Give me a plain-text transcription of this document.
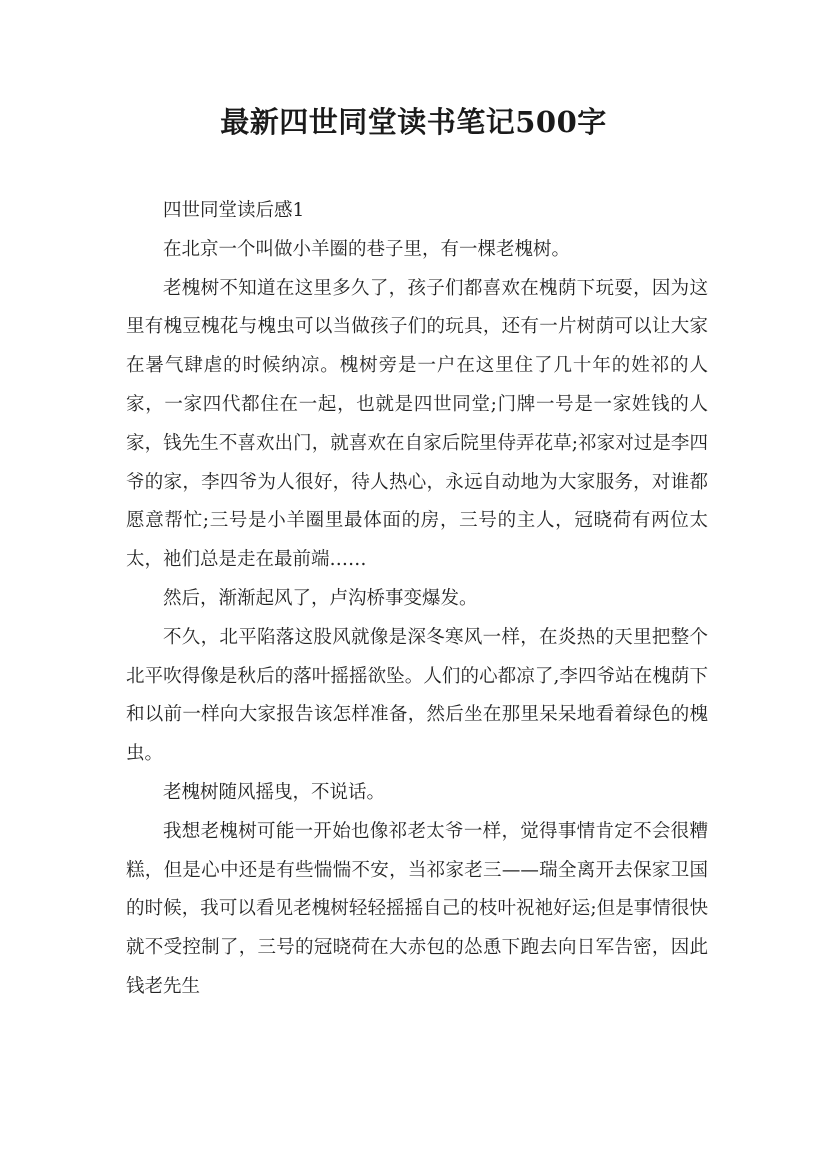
最新四世同堂读书笔记500字

四世同堂读后感1

在北京一个叫做小羊圈的巷子里，有一棵老槐树。

老槐树不知道在这里多久了，孩子们都喜欢在槐荫下玩耍，因为这里有槐豆槐花与槐虫可以当做孩子们的玩具，还有一片树荫可以让大家在暑气肆虐的时候纳凉。槐树旁是一户在这里住了几十年的姓祁的人家，一家四代都住在一起，也就是四世同堂;门牌一号是一家姓钱的人家，钱先生不喜欢出门，就喜欢在自家后院里侍弄花草;祁家对过是李四爷的家，李四爷为人很好，待人热心，永远自动地为大家服务，对谁都愿意帮忙;三号是小羊圈里最体面的房，三号的主人，冠晓荷有两位太太，祂们总是走在最前端……

然后，渐渐起风了，卢沟桥事变爆发。

不久，北平陷落这股风就像是深冬寒风一样，在炎热的天里把整个北平吹得像是秋后的落叶摇摇欲坠。人们的心都凉了,李四爷站在槐荫下和以前一样向大家报告该怎样准备，然后坐在那里呆呆地看着绿色的槐虫。

老槐树随风摇曳，不说话。

我想老槐树可能一开始也像祁老太爷一样，觉得事情肯定不会很糟糕，但是心中还是有些惴惴不安，当祁家老三——瑞全离开去保家卫国的时候，我可以看见老槐树轻轻摇摇自己的枝叶祝祂好运;但是事情很快就不受控制了，三号的冠晓荷在大赤包的怂恿下跑去向日军告密，因此钱老先生
